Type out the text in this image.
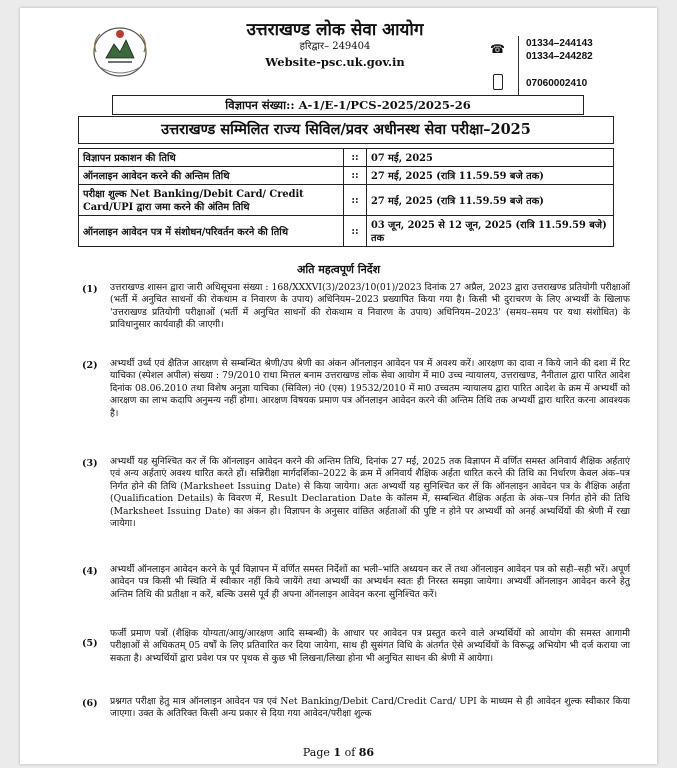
उत्तराखण्ड लोक सेवा आयोग
हरिद्वार– 249404
Website-psc.uk.gov.in
☎ 01334–244143
01334–244282
07060002410
विज्ञापन संख्या:: A-1/E-1/PCS-2025/2025-26
उत्तराखण्ड सम्मिलित राज्य सिविल/प्रवर अधीनस्थ सेवा परीक्षा–2025
विज्ञापन प्रकाशन की तिथि	::	07 मई, 2025
ऑनलाइन आवेदन करने की अन्तिम तिथि	::	27 मई, 2025 (रात्रि 11.59.59 बजे तक)
परीक्षा शुल्क Net Banking/Debit Card/ Credit Card/UPI द्वारा जमा करने की अंतिम तिथि	::	27 मई, 2025 (रात्रि 11.59.59 बजे तक)
ऑनलाइन आवेदन पत्र में संशोधन/परिवर्तन करने की तिथि	::	03 जून, 2025 से 12 जून, 2025 (रात्रि 11.59.59 बजे) तक
अति महत्वपूर्ण निर्देश
(1) उत्तराखण्ड शासन द्वारा जारी अधिसूचना संख्या : 168/XXXVI(3)/2023/10(01)/2023 दिनांक 27 अप्रैल, 2023 द्वारा उत्तराखण्ड प्रतियोगी परीक्षाओं (भर्ती में अनुचित साधनों की रोकथाम व निवारण के उपाय) अधिनियम–2023 प्रख्यापित किया गया है। किसी भी दुराचरण के लिए अभ्यर्थी के खिलाफ 'उत्तराखण्ड प्रतियोगी परीक्षाओं (भर्ती में अनुचित साधनों की रोकथाम व निवारण के उपाय) अधिनियम–2023' (समय–समय पर यथा संशोधित) के प्राविधानुसार कार्यवाही की जाएगी।
(2) अभ्यर्थी उर्ध्व एवं क्षैतिज आरक्षण से सम्बन्धित श्रेणी/उप श्रेणी का अंकन ऑनलाइन आवेदन पत्र में अवश्य करें। आरक्षण का दावा न किये जाने की दशा में रिट याचिका (स्पेशल अपील) संख्या : 79/2010 राधा मित्तल बनाम उत्तराखण्ड लोक सेवा आयोग में मा0 उच्च न्यायालय, उत्तराखण्ड, नैनीताल द्वारा पारित आदेश दिनांक 08.06.2010 तथा विशेष अनुज्ञा याचिका (सिविल) नं0 (एस) 19532/2010 में मा0 उच्चतम न्यायालय द्वारा पारित आदेश के क्रम में अभ्यर्थी को आरक्षण का लाभ कदापि अनुमन्य नहीं होगा। आरक्षण विषयक प्रमाण पत्र ऑनलाइन आवेदन करने की अन्तिम तिथि तक अभ्यर्थी द्वारा धारित करना आवश्यक है।
(3) अभ्यर्थी यह सुनिश्चित कर लें कि ऑनलाइन आवेदन करने की अन्तिम तिथि, दिनांक 27 मई, 2025 तक विज्ञापन में वर्णित समस्त अनिवार्य शैक्षिक अर्हताएं एवं अन्य अर्हताएं अवश्य धारित करते हों। सन्निरीक्षा मार्गदर्शिका–2022 के क्रम में अनिवार्य शैक्षिक अर्हता धारित करने की तिथि का निर्धारण केवल अंक–पत्र निर्गत होने की तिथि (Marksheet Issuing Date) से किया जायेगा। अतः अभ्यर्थी यह सुनिश्चित कर लें कि ऑनलाइन आवेदन पत्र के शैक्षिक अर्हता (Qualification Details) के विवरण में, Result Declaration Date के कॉलम में, सम्बन्धित शैक्षिक अर्हता के अंक–पत्र निर्गत होने की तिथि (Marksheet Issuing Date) का अंकन हो। विज्ञापन के अनुसार वांछित अर्हताओं की पुष्टि न होने पर अभ्यर्थी को अनर्ह अभ्यर्थियों की श्रेणी में रखा जायेगा।
(4) अभ्यर्थी ऑनलाइन आवेदन करने के पूर्व विज्ञापन में वर्णित समस्त निर्देशों का भली–भांति अध्ययन कर लें तथा ऑनलाइन आवेदन पत्र को सही–सही भरें। अपूर्ण आवेदन पत्र किसी भी स्थिति में स्वीकार नहीं किये जायेंगे तथा अभ्यर्थी का अभ्यर्थन स्वतः ही निरस्त समझा जायेगा। अभ्यर्थी ऑनलाइन आवेदन करने हेतु अन्तिम तिथि की प्रतीक्षा न करें, बल्कि उससे पूर्व ही अपना ऑनलाइन आवेदन करना सुनिश्चित करें।
(5)
फर्जी प्रमाण पत्रों (शैक्षिक योग्यता/आयु/आरक्षण आदि सम्बन्धी) के आधार पर आवेदन पत्र प्रस्तुत करने वाले अभ्यर्थियों को आयोग की समस्त आगामी परीक्षाओं से अधिकतम् 05 वर्षों के लिए प्रतिवारित कर दिया जायेगा, साथ ही सुसंगत विधि के अंतर्गत ऐसे अभ्यर्थियों के विरूद्ध अभियोग भी दर्ज कराया जा सकता है। अभ्यर्थियों द्वारा प्रवेश पत्र पर पृथक से कुछ भी लिखना/लिखा होना भी अनुचित साधन की श्रेणी में आयेगा।
(6) प्रश्नगत परीक्षा हेतु मात्र ऑनलाइन आवेदन पत्र एवं Net Banking/Debit Card/Credit Card/ UPI के माध्यम से ही आवेदन शुल्क स्वीकार किया जाएगा। उक्त के अतिरिक्त किसी अन्य प्रकार से दिया गया आवेदन/परीक्षा शुल्क
Page 1 of 86
